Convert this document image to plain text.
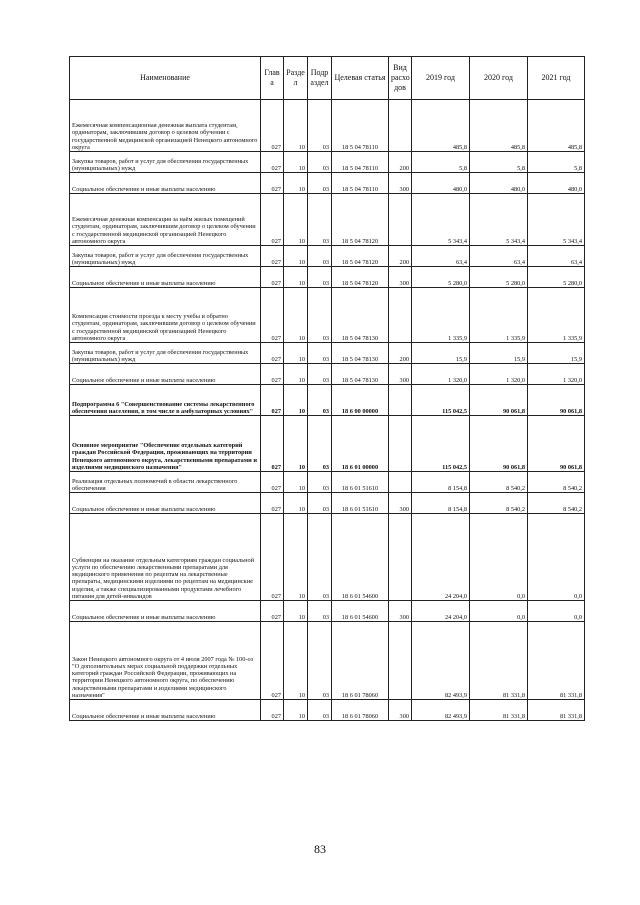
Наименование	Глав а	Разде л	Подр аздел	Целевая статья	Вид расхо дов	2019 год	2020 год	2021 год
Ежемесячная компенсационная денежная выплата студентам, ординаторам, заключившим договор о целевом обучении с государственной медицинской организацией Ненецкого автономного округа	027	10	03	18 5 04 78110		485,8	485,8	485,8
Закупка товаров, работ и услуг для обеспечения государственных (муниципальных) нужд	027	10	03	18 5 04 78110	200	5,8	5,8	5,8
Социальное обеспечение и иные выплаты населению	027	10	03	18 5 04 78110	300	480,0	480,0	480,0
Ежемесячная денежная компенсация за наём жилых помещений студентам, ординаторам, заключившим договор о целевом обучении с государственной медицинской организацией Ненецкого автономного округа	027	10	03	18 5 04 78120		5 343,4	5 343,4	5 343,4
Закупка товаров, работ и услуг для обеспечения государственных (муниципальных) нужд	027	10	03	18 5 04 78120	200	63,4	63,4	63,4
Социальное обеспечение и иные выплаты населению	027	10	03	18 5 04 78120	300	5 280,0	5 280,0	5 280,0
Компенсация стоимости проезда к месту учебы и обратно студентам, ординаторам, заключившим договор о целевом обучении с государственной медицинской организацией Ненецкого автономного округа	027	10	03	18 5 04 78130		1 335,9	1 335,9	1 335,9
Закупка товаров, работ и услуг для обеспечения государственных (муниципальных) нужд	027	10	03	18 5 04 78130	200	15,9	15,9	15,9
Социальное обеспечение и иные выплаты населению	027	10	03	18 5 04 78130	300	1 320,0	1 320,0	1 320,0
Подпрограмма 6 "Совершенствование системы лекарственного обеспечения населения, в том числе в амбулаторных условиях"	027	10	03	18 6 00 00000		115 042,5	90 061,8	90 061,8
Основное мероприятие "Обеспечение отдельных категорий граждан Российской Федерации, проживающих на территории Ненецкого автономного округа, лекарственными препаратами и изделиями медицинского назначения"	027	10	03	18 6 01 00000		115 042,5	90 061,8	90 061,8
Реализация отдельных полномочий в области лекарственного обеспечения	027	10	03	18 6 01 51610		8 154,8	8 540,2	8 540,2
Социальное обеспечение и иные выплаты населению	027	10	03	18 6 01 51610	300	8 154,8	8 540,2	8 540,2
Субвенции на оказание отдельным категориям граждан социальной услуги по обеспечению лекарственными препаратами для медицинского применения по рецептам на лекарственные препараты, медицинскими изделиями по рецептам на медицинские изделия, а также специализированными продуктами лечебного питания для детей-инвалидов	027	10	03	18 6 01 54600		24 204,0	0,0	0,0
Социальное обеспечение и иные выплаты населению	027	10	03	18 6 01 54600	300	24 204,0	0,0	0,0
Закон Ненецкого автономного округа от 4 июля 2007 года № 100-оз "О дополнительных мерах социальной поддержки отдельных категорий граждан Российской Федерации, проживающих на территории Ненецкого автономного округа, по обеспечению лекарственными препаратами и изделиями медицинского назначения"	027	10	03	18 6 01 78060		82 493,9	81 331,8	81 331,8
Социальное обеспечение и иные выплаты населению	027	10	03	18 6 01 78060	300	82 493,9	81 331,8	81 331,8
83
